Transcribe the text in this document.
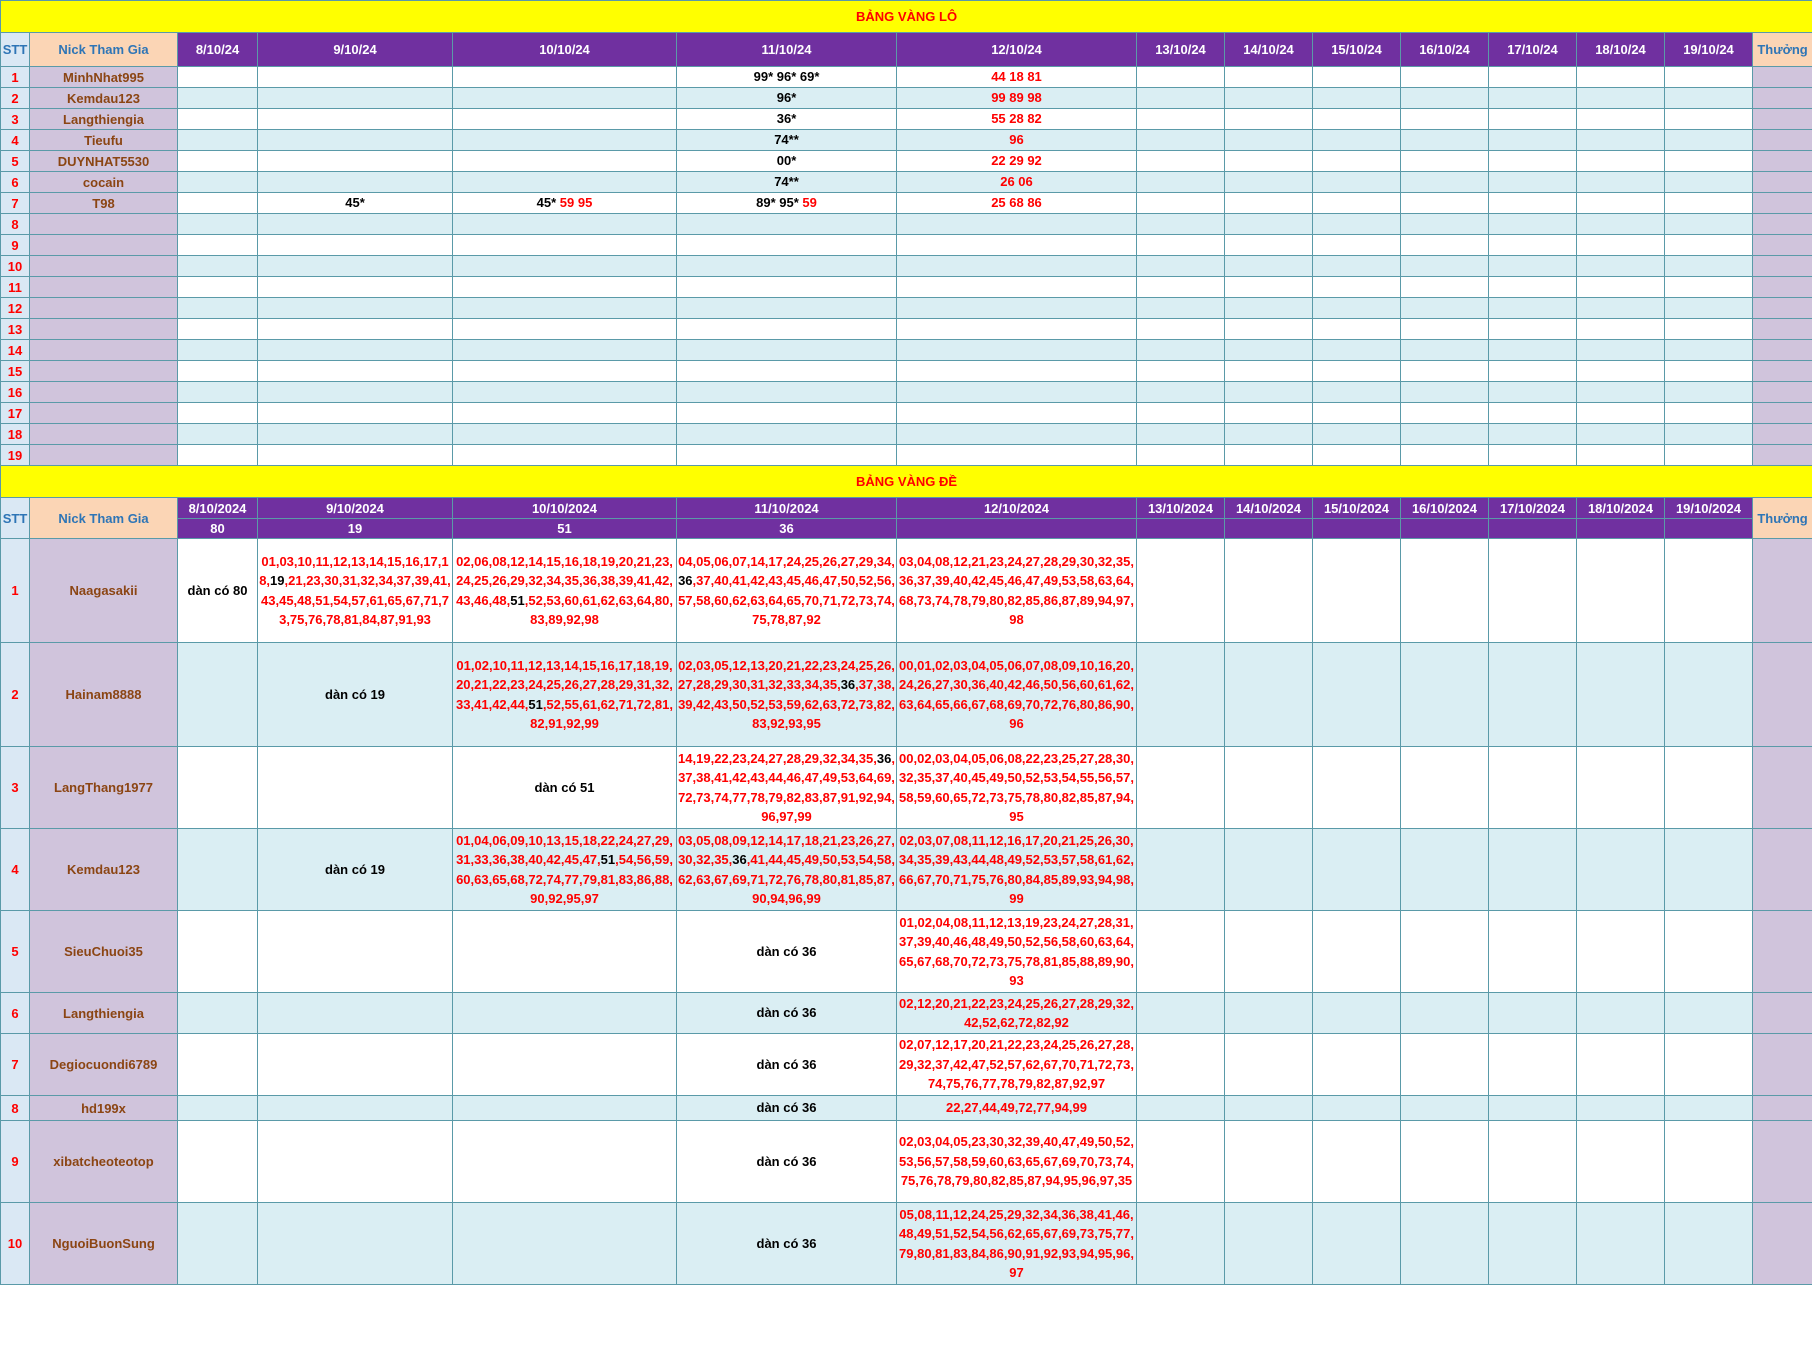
BẢNG VÀNG LÔ														
STT	Nick Tham Gia	8/10/24	9/10/24	10/10/24	11/10/24	12/10/24	13/10/24	14/10/24	15/10/24	16/10/24	17/10/24	18/10/24	19/10/24	Thưởng
1	MinhNhat995				99* 96* 69*	44 18 81								
2	Kemdau123				96*	99 89 98								
3	Langthiengia				36*	55 28 82								
4	Tieufu				74**	96								
5	DUYNHAT5530				00*	22 29 92								
6	cocain				74**	26 06								
7	T98		45*	45* 59 95	89* 95* 59	25 68 86								
8														
9														
10														
11														
12														
13														
14														
15														
16														
17														
18														
19														
BẢNG VÀNG ĐỀ														
STT	Nick Tham Gia	8/10/2024	9/10/2024	10/10/2024	11/10/2024	12/10/2024	13/10/2024	14/10/2024	15/10/2024	16/10/2024	17/10/2024	18/10/2024	19/10/2024	Thưởng
		80	19	51	36									
1	Naagasakii	dàn có 80	01,03,10,11,12,13,14,15,16,17,18,19,21,23,30,31,32,34,37,39,41,43,45,48,51,54,57,61,65,67,71,73,75,76,78,81,84,87,91,93	02,06,08,12,14,15,16,18,19,20,21,23,24,25,26,29,32,34,35,36,38,39,41,42,43,46,48,51,52,53,60,61,62,63,64,80,83,89,92,98	04,05,06,07,14,17,24,25,26,27,29,34,36,37,40,41,42,43,45,46,47,50,52,56,57,58,60,62,63,64,65,70,71,72,73,74,75,78,87,92	03,04,08,12,21,23,24,27,28,29,30,32,35,36,37,39,40,42,45,46,47,49,53,58,63,64,68,73,74,78,79,80,82,85,86,87,89,94,97,98								
2	Hainam8888		dàn có 19	01,02,10,11,12,13,14,15,16,17,18,19,20,21,22,23,24,25,26,27,28,29,31,32,33,41,42,44,51,52,55,61,62,71,72,81,82,91,92,99	02,03,05,12,13,20,21,22,23,24,25,26,27,28,29,30,31,32,33,34,35,36,37,38,39,42,43,50,52,53,59,62,63,72,73,82,83,92,93,95	00,01,02,03,04,05,06,07,08,09,10,16,20,24,26,27,30,36,40,42,46,50,56,60,61,62,63,64,65,66,67,68,69,70,72,76,80,86,90,96								
3	LangThang1977			dàn có 51	14,19,22,23,24,27,28,29,32,34,35,36,37,38,41,42,43,44,46,47,49,53,64,69,72,73,74,77,78,79,82,83,87,91,92,94,96,97,99	00,02,03,04,05,06,08,22,23,25,27,28,30,32,35,37,40,45,49,50,52,53,54,55,56,57,58,59,60,65,72,73,75,78,80,82,85,87,94,95								
4	Kemdau123		dàn có 19	01,04,06,09,10,13,15,18,22,24,27,29,31,33,36,38,40,42,45,47,51,54,56,59,60,63,65,68,72,74,77,79,81,83,86,88,90,92,95,97	03,05,08,09,12,14,17,18,21,23,26,27,30,32,35,36,41,44,45,49,50,53,54,58,62,63,67,69,71,72,76,78,80,81,85,87,90,94,96,99	02,03,07,08,11,12,16,17,20,21,25,26,30,34,35,39,43,44,48,49,52,53,57,58,61,62,66,67,70,71,75,76,80,84,85,89,93,94,98,99								
5	SieuChuoi35				dàn có 36	01,02,04,08,11,12,13,19,23,24,27,28,31,37,39,40,46,48,49,50,52,56,58,60,63,64,65,67,68,70,72,73,75,78,81,85,88,89,90,93								
6	Langthiengia				dàn có 36	02,12,20,21,22,23,24,25,26,27,28,29,32,42,52,62,72,82,92								
7	Degiocuondi6789				dàn có 36	02,07,12,17,20,21,22,23,24,25,26,27,28,29,32,37,42,47,52,57,62,67,70,71,72,73,74,75,76,77,78,79,82,87,92,97								
8	hd199x				dàn có 36	22,27,44,49,72,77,94,99								
9	xibatcheoteotop				dàn có 36	02,03,04,05,23,30,32,39,40,47,49,50,52,53,56,57,58,59,60,63,65,67,69,70,73,74,75,76,78,79,80,82,85,87,94,95,96,97,35								
10	NguoiBuonSung				dàn có 36	05,08,11,12,24,25,29,32,34,36,38,41,46,48,49,51,52,54,56,62,65,67,69,73,75,77,79,80,81,83,84,86,90,91,92,93,94,95,96,97								
